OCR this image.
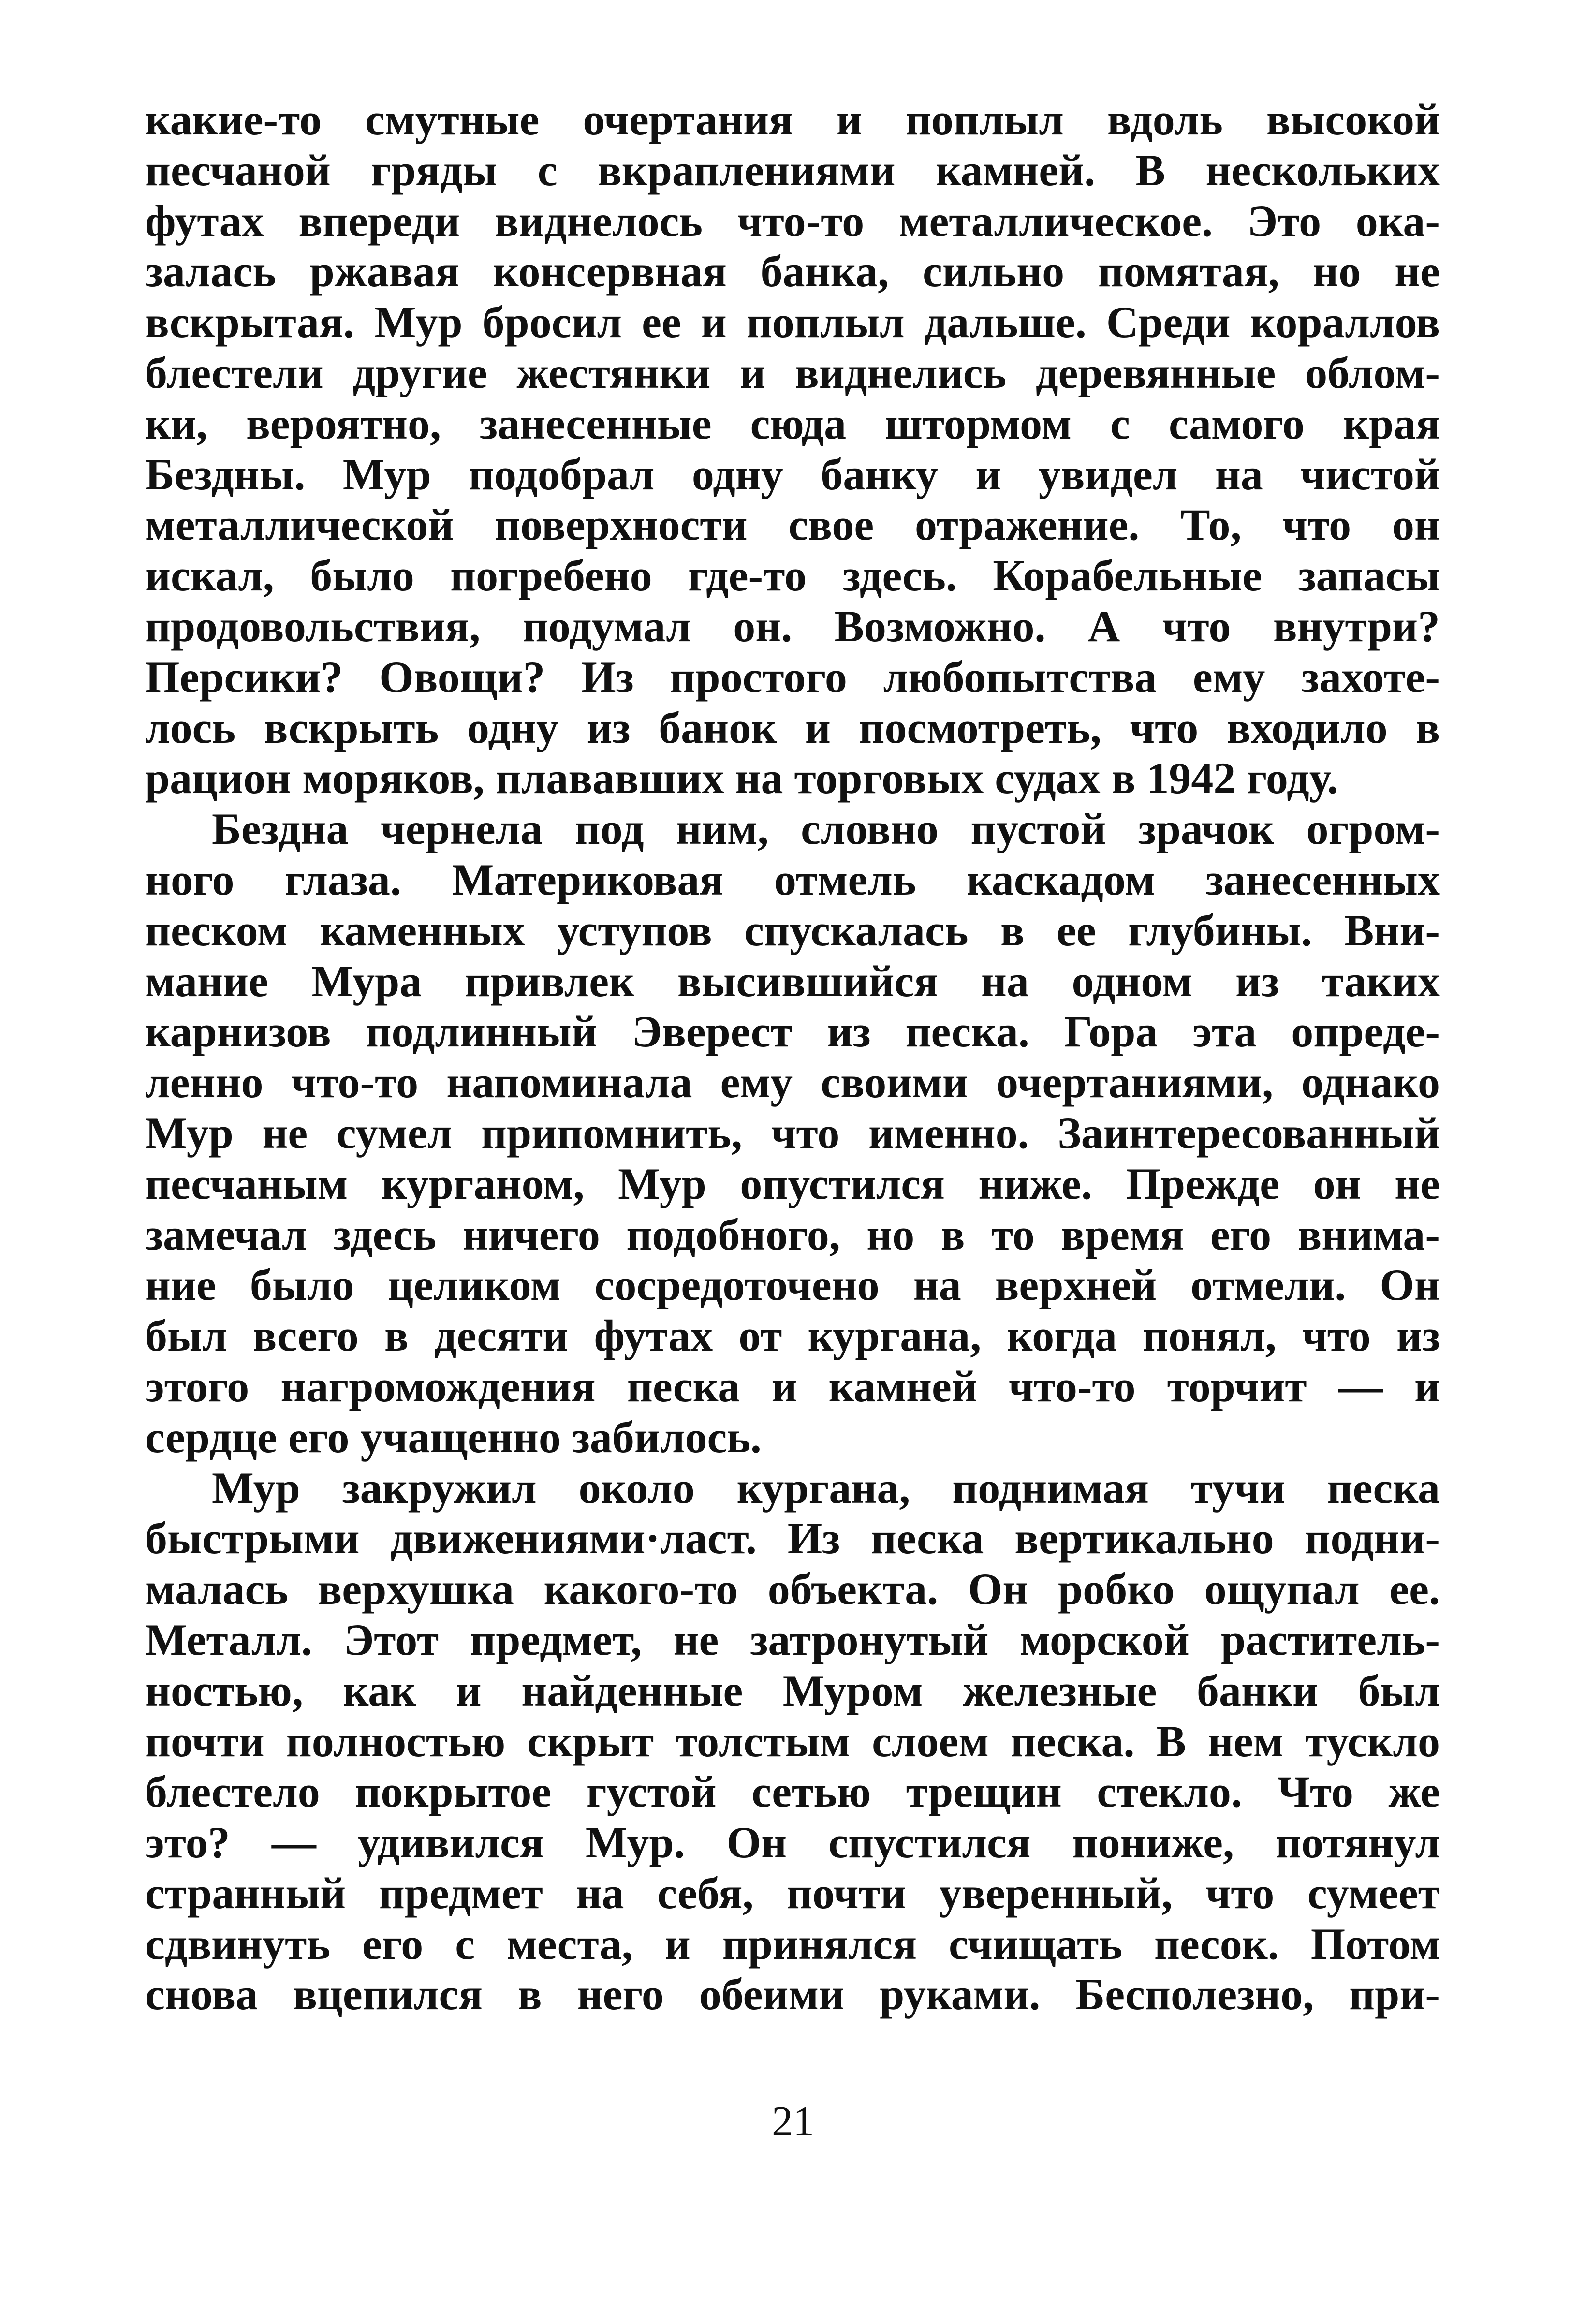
какие-то смутные очертания и поплыл вдоль высокой
песчаной гряды с вкраплениями камней. В нескольких
футах впереди виднелось что-то металлическое. Это ока-
залась ржавая консервная банка, сильно помятая, но не
вскрытая. Мур бросил ее и поплыл дальше. Среди кораллов
блестели другие жестянки и виднелись деревянные облом-
ки, вероятно, занесенные сюда штормом с самого края
Бездны. Мур подобрал одну банку и увидел на чистой
металлической поверхности свое отражение. То, что он
искал, было погребено где-то здесь. Корабельные запасы
продовольствия, подумал он. Возможно. А что внутри?
Персики? Овощи? Из простого любопытства ему захоте-
лось вскрыть одну из банок и посмотреть, что входило в
рацион моряков, плававших на торговых судах в 1942 году.
Бездна чернела под ним, словно пустой зрачок огром-
ного глаза. Материковая отмель каскадом занесенных
песком каменных уступов спускалась в ее глубины. Вни-
мание Мура привлек высившийся на одном из таких
карнизов подлинный Эверест из песка. Гора эта опреде-
ленно что-то напоминала ему своими очертаниями, однако
Мур не сумел припомнить, что именно. Заинтересованный
песчаным курганом, Мур опустился ниже. Прежде он не
замечал здесь ничего подобного, но в то время его внима-
ние было целиком сосредоточено на верхней отмели. Он
был всего в десяти футах от кургана, когда понял, что из
этого нагромождения песка и камней что-то торчит — и
сердце его учащенно забилось.
Мур закружил около кургана, поднимая тучи песка
быстрыми движениями·ласт. Из песка вертикально подни-
малась верхушка какого-то объекта. Он робко ощупал ее.
Металл. Этот предмет, не затронутый морской раститель-
ностью, как и найденные Муром железные банки был
почти полностью скрыт толстым слоем песка. В нем тускло
блестело покрытое густой сетью трещин стекло. Что же
это? — удивился Мур. Он спустился пониже, потянул
странный предмет на себя, почти уверенный, что сумеет
сдвинуть его с места, и принялся счищать песок. Потом
снова вцепился в него обеими руками. Бесполезно, при-
21
